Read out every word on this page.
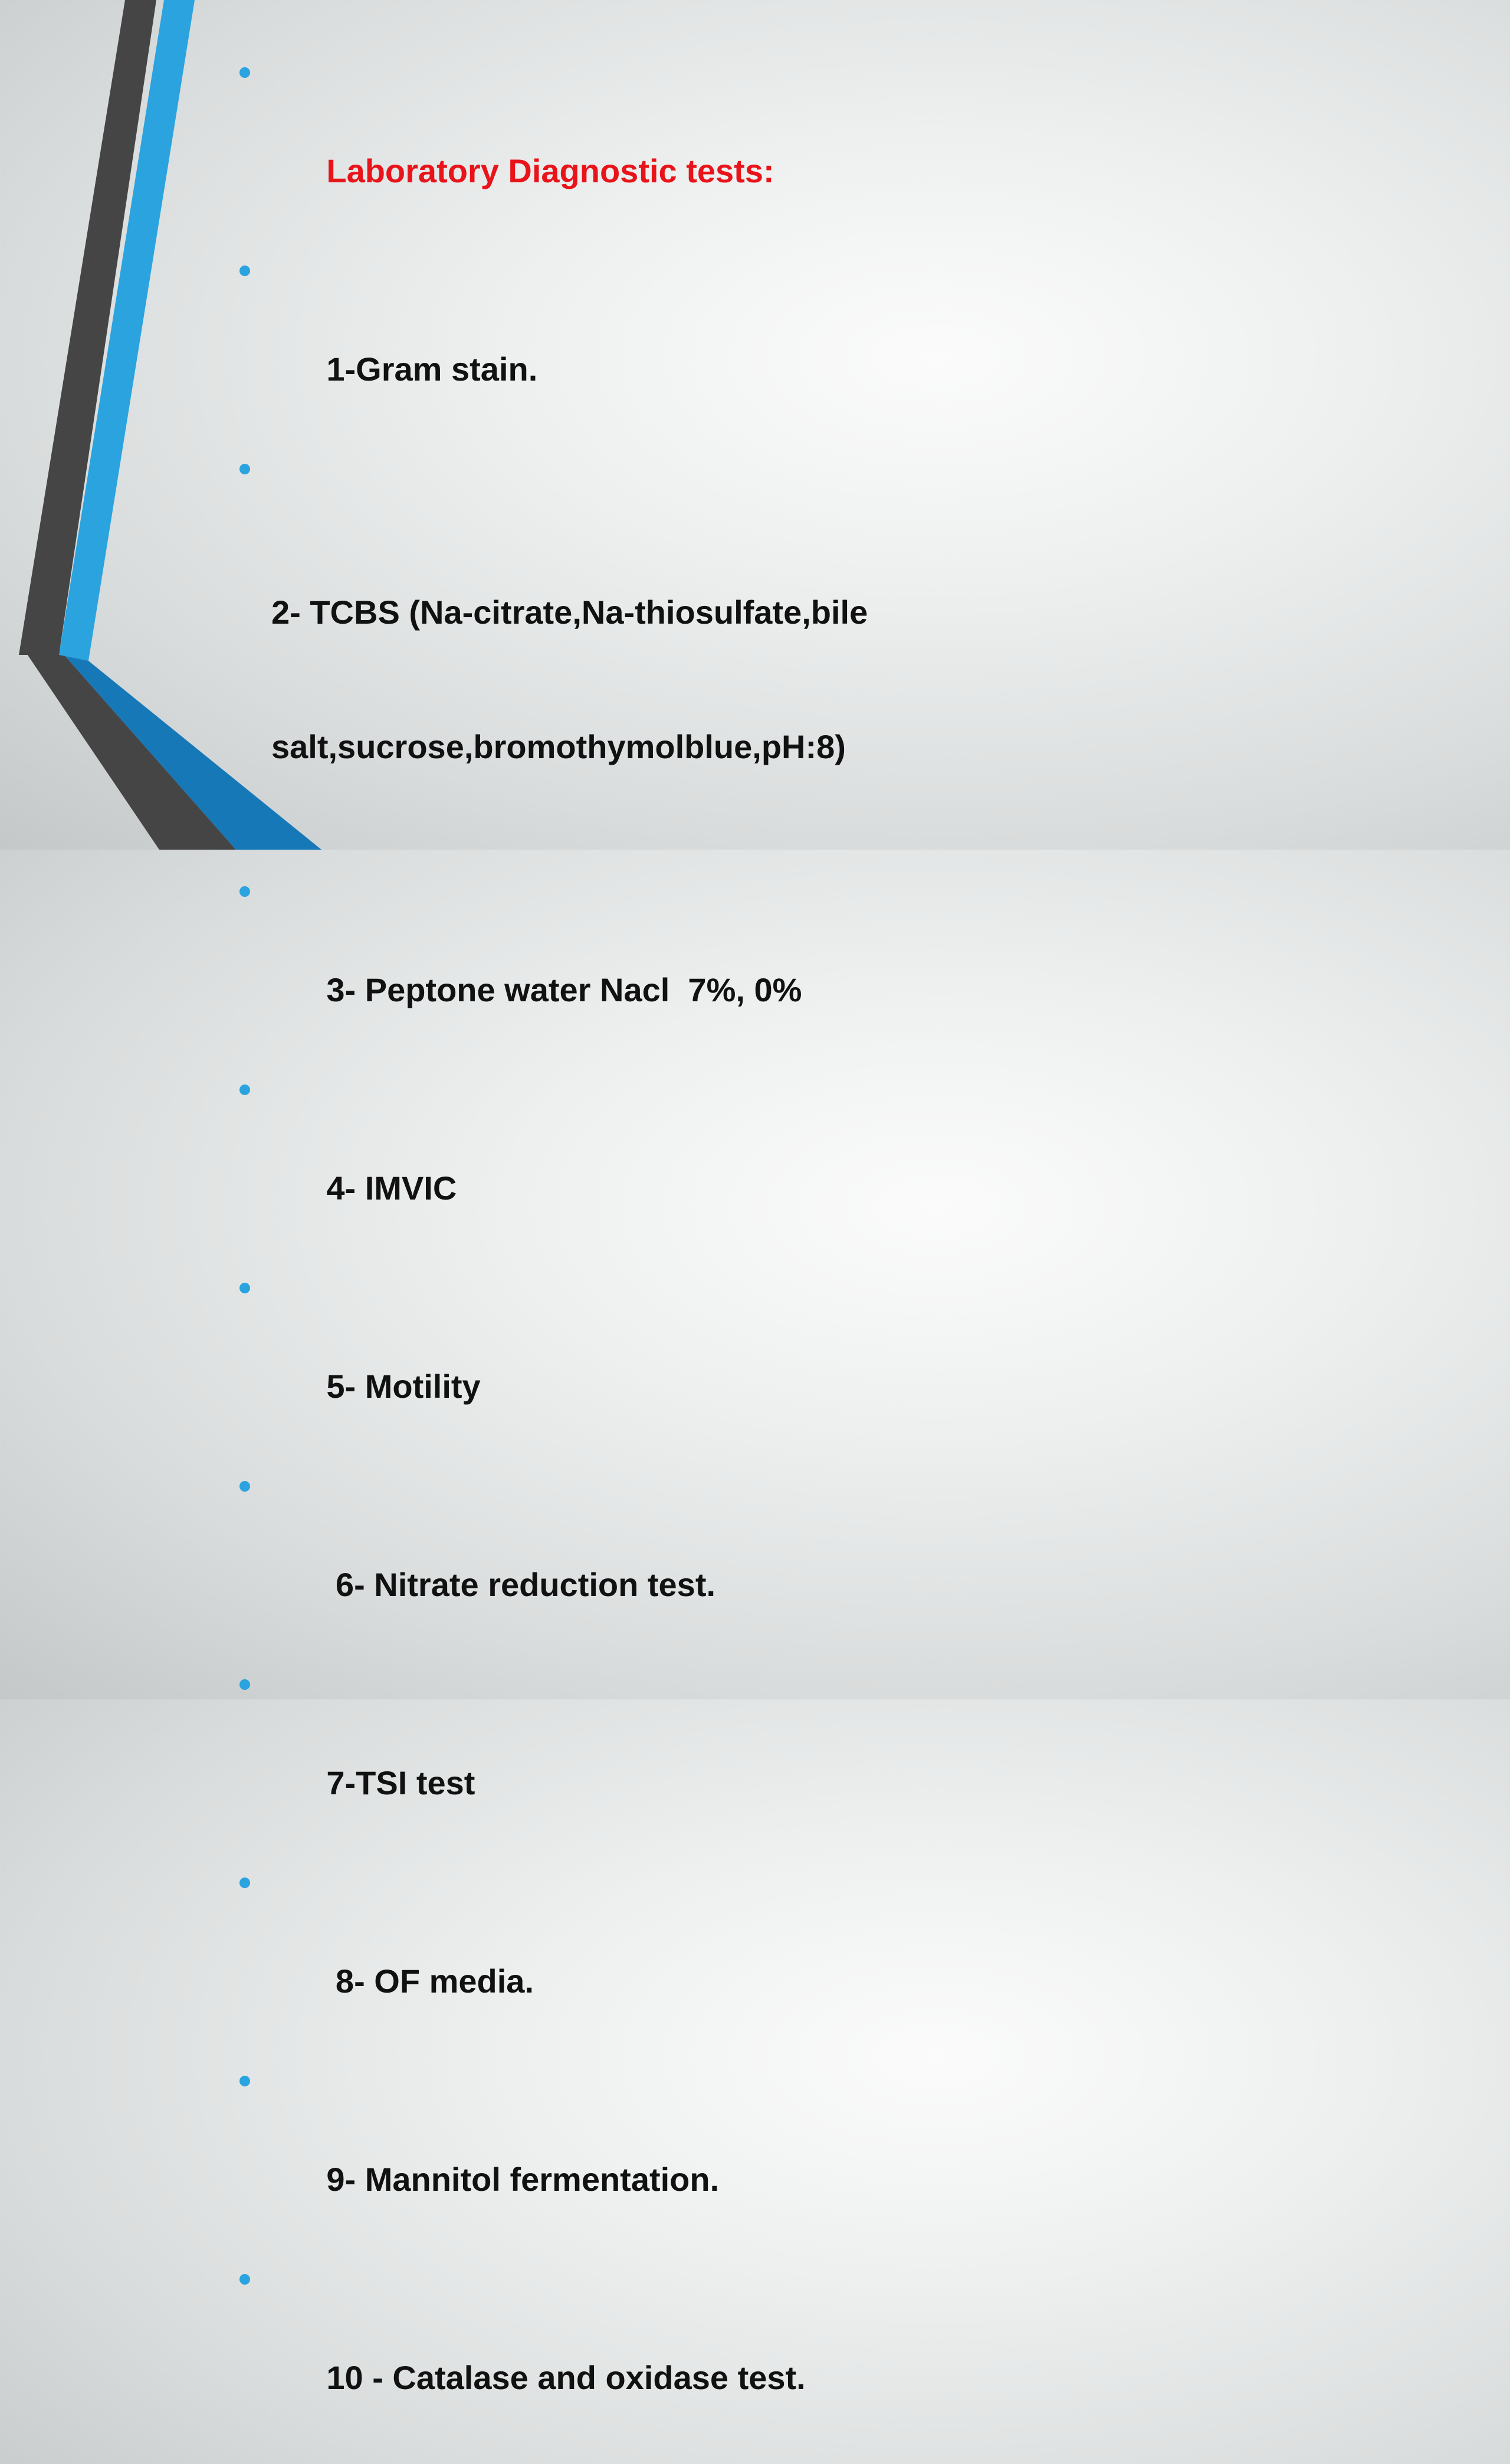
Laboratory Diagnostic tests:

1-Gram stain.

2- TCBS (Na-citrate,Na-thiosulfate,bile

salt,sucrose,bromothymolblue,pH:8)

3- Peptone water Nacl  7%, 0%

4- IMVIC

5- Motility

6- Nitrate reduction test.

7-TSI test

8- OF media.

9- Mannitol fermentation.

10 - Catalase and oxidase test.
